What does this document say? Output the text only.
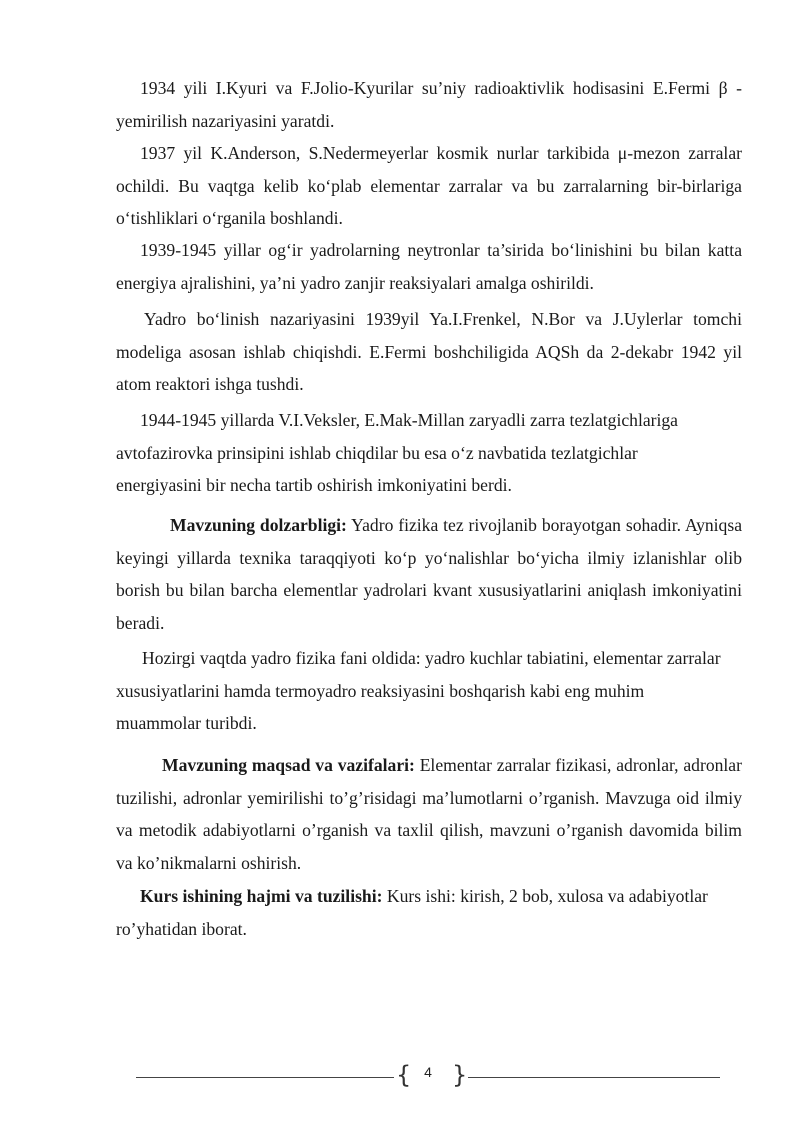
1934 yili I.Kyuri va F.Jolio-Kyurilar su’niy radioaktivlik hodisasini E.Fermi β -yemirilish nazariyasini yaratdi.

1937 yil K.Anderson, S.Nedermeyerlar kosmik nurlar tarkibida μ-mezon zarralar ochildi. Bu vaqtga kelib ko‘plab elementar zarralar va bu zarralarning bir-birlariga o‘tishliklari o‘rganila boshlandi.

1939-1945 yillar og‘ir yadrolarning neytronlar ta’sirida bo‘linishini bu bilan katta energiya ajralishini, ya’ni yadro zanjir reaksiyalari amalga oshirildi.

Yadro bo‘linish nazariyasini 1939yil Ya.I.Frenkel, N.Bor va J.Uylerlar tomchi modeliga asosan ishlab chiqishdi. E.Fermi boshchiligida AQSh da 2-dekabr 1942 yil atom reaktori ishga tushdi.

1944-1945 yillarda V.I.Veksler, E.Mak-Millan zaryadli zarra tezlatgichlariga avtofazirovka prinsipini ishlab chiqdilar bu esa o‘z navbatida tezlatgichlar energiyasini bir necha tartib oshirish imkoniyatini berdi.

Mavzuning dolzarbligi: Yadro fizika tez rivojlanib borayotgan sohadir. Ayniqsa keyingi yillarda texnika taraqqiyoti ko‘p yo‘nalishlar bo‘yicha ilmiy izlanishlar olib borish bu bilan barcha elementlar yadrolari kvant xususiyatlarini aniqlash imkoniyatini beradi.

Hozirgi vaqtda yadro fizika fani oldida: yadro kuchlar tabiatini, elementar zarralar xususiyatlarini hamda termoyadro reaksiyasini boshqarish kabi eng muhim muammolar turibdi.

Mavzuning maqsad va vazifalari: Elementar zarralar fizikasi, adronlar, adronlar tuzilishi, adronlar yemirilishi to’g’risidagi ma’lumotlarni o’rganish. Mavzuga oid ilmiy va metodik adabiyotlarni o’rganish va taxlil qilish, mavzuni o’rganish davomida bilim va ko’nikmalarni oshirish.

Kurs ishining hajmi va tuzilishi: Kurs ishi: kirish, 2 bob, xulosa va adabiyotlar ro’yhatidan iborat.

{ 4 }
